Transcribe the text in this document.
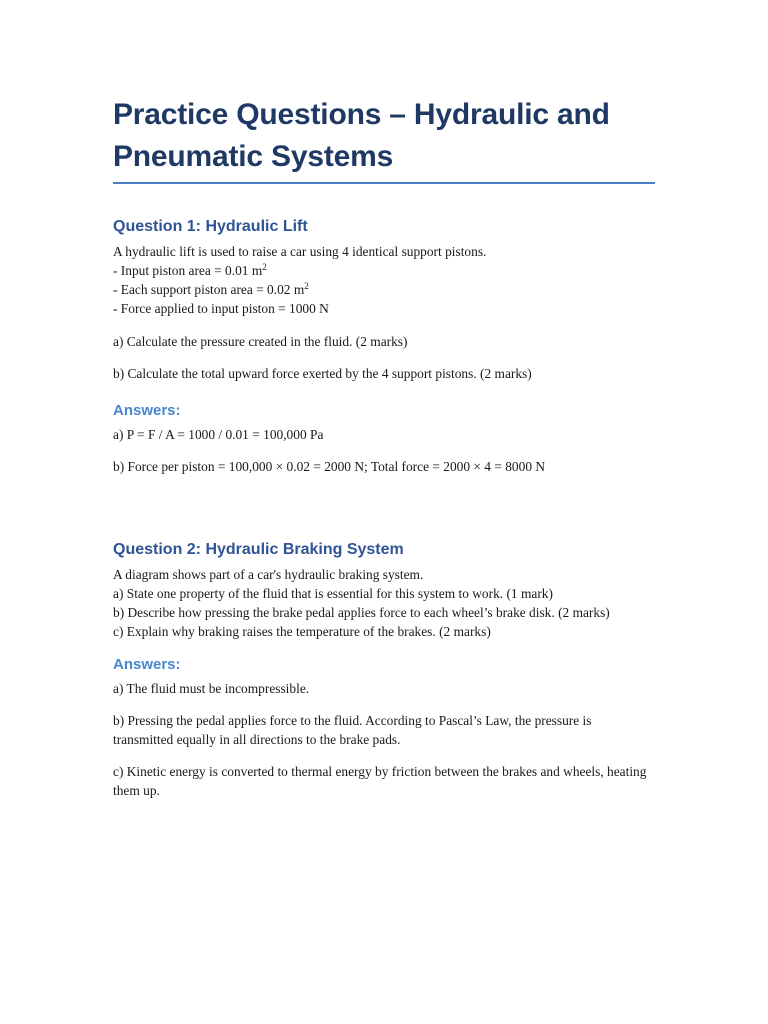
Practice Questions – Hydraulic and Pneumatic Systems
Question 1: Hydraulic Lift
A hydraulic lift is used to raise a car using 4 identical support pistons.
- Input piston area = 0.01 $m^2$
- Each support piston area = 0.02 $m^2$
- Force applied to input piston = 1000 N

a) Calculate the pressure created in the fluid. (2 marks)

b) Calculate the total upward force exerted by the 4 support pistons. (2 marks)

Answers:

a) P = F / A = 1000 / 0.01 = 100,000 Pa

b) Force per piston = 100,000 × 0.02 = 2000 N; Total force = 2000 × 4 = 8000 N

Question 2: Hydraulic Braking System
A diagram shows part of a car's hydraulic braking system.
a) State one property of the fluid that is essential for this system to work. (1 mark)
b) Describe how pressing the brake pedal applies force to each wheel’s brake disk. (2 marks)
c) Explain why braking raises the temperature of the brakes. (2 marks)
Answers:

a) The fluid must be incompressible.

b) Pressing the pedal applies force to the fluid. According to Pascal’s Law, the pressure is transmitted equally in all directions to the brake pads.

c) Kinetic energy is converted to thermal energy by friction between the brakes and wheels, heating them up.
